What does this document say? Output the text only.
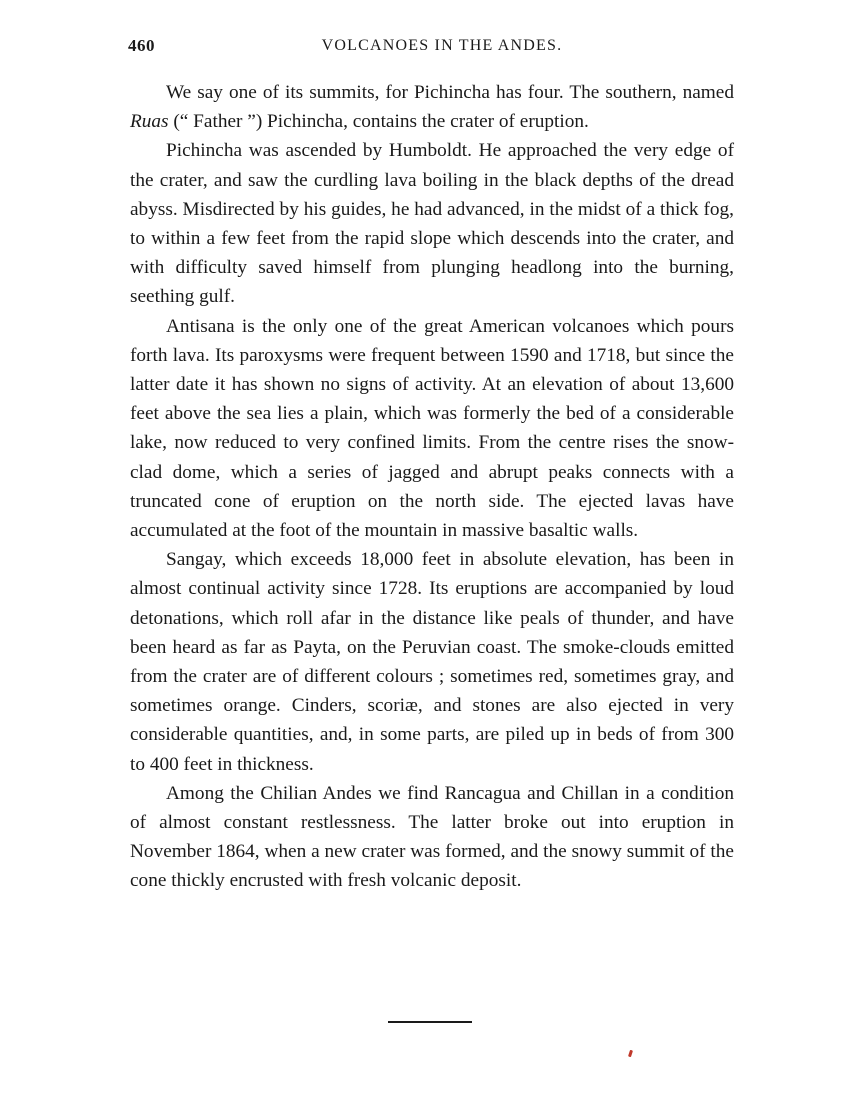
460	VOLCANOES IN THE ANDES.

We say one of its summits, for Pichincha has four. The southern, named Ruas (“ Father ”) Pichincha, contains the crater of eruption.

Pichincha was ascended by Humboldt. He approached the very edge of the crater, and saw the curdling lava boiling in the black depths of the dread abyss. Misdirected by his guides, he had advanced, in the midst of a thick fog, to within a few feet from the rapid slope which descends into the crater, and with difficulty saved himself from plunging headlong into the burning, seething gulf.

Antisana is the only one of the great American volcanoes which pours forth lava. Its paroxysms were frequent between 1590 and 1718, but since the latter date it has shown no signs of activity. At an elevation of about 13,600 feet above the sea lies a plain, which was formerly the bed of a considerable lake, now reduced to very confined limits. From the centre rises the snow-clad dome, which a series of jagged and abrupt peaks connects with a truncated cone of eruption on the north side. The ejected lavas have accumulated at the foot of the mountain in massive basaltic walls.

Sangay, which exceeds 18,000 feet in absolute elevation, has been in almost continual activity since 1728. Its eruptions are accompanied by loud detonations, which roll afar in the distance like peals of thunder, and have been heard as far as Payta, on the Peruvian coast. The smoke-clouds emitted from the crater are of different colours ; sometimes red, sometimes gray, and sometimes orange. Cinders, scoriæ, and stones are also ejected in very considerable quantities, and, in some parts, are piled up in beds of from 300 to 400 feet in thickness.

Among the Chilian Andes we find Rancagua and Chillan in a condition of almost constant restlessness. The latter broke out into eruption in November 1864, when a new crater was formed, and the snowy summit of the cone thickly encrusted with fresh volcanic deposit.
